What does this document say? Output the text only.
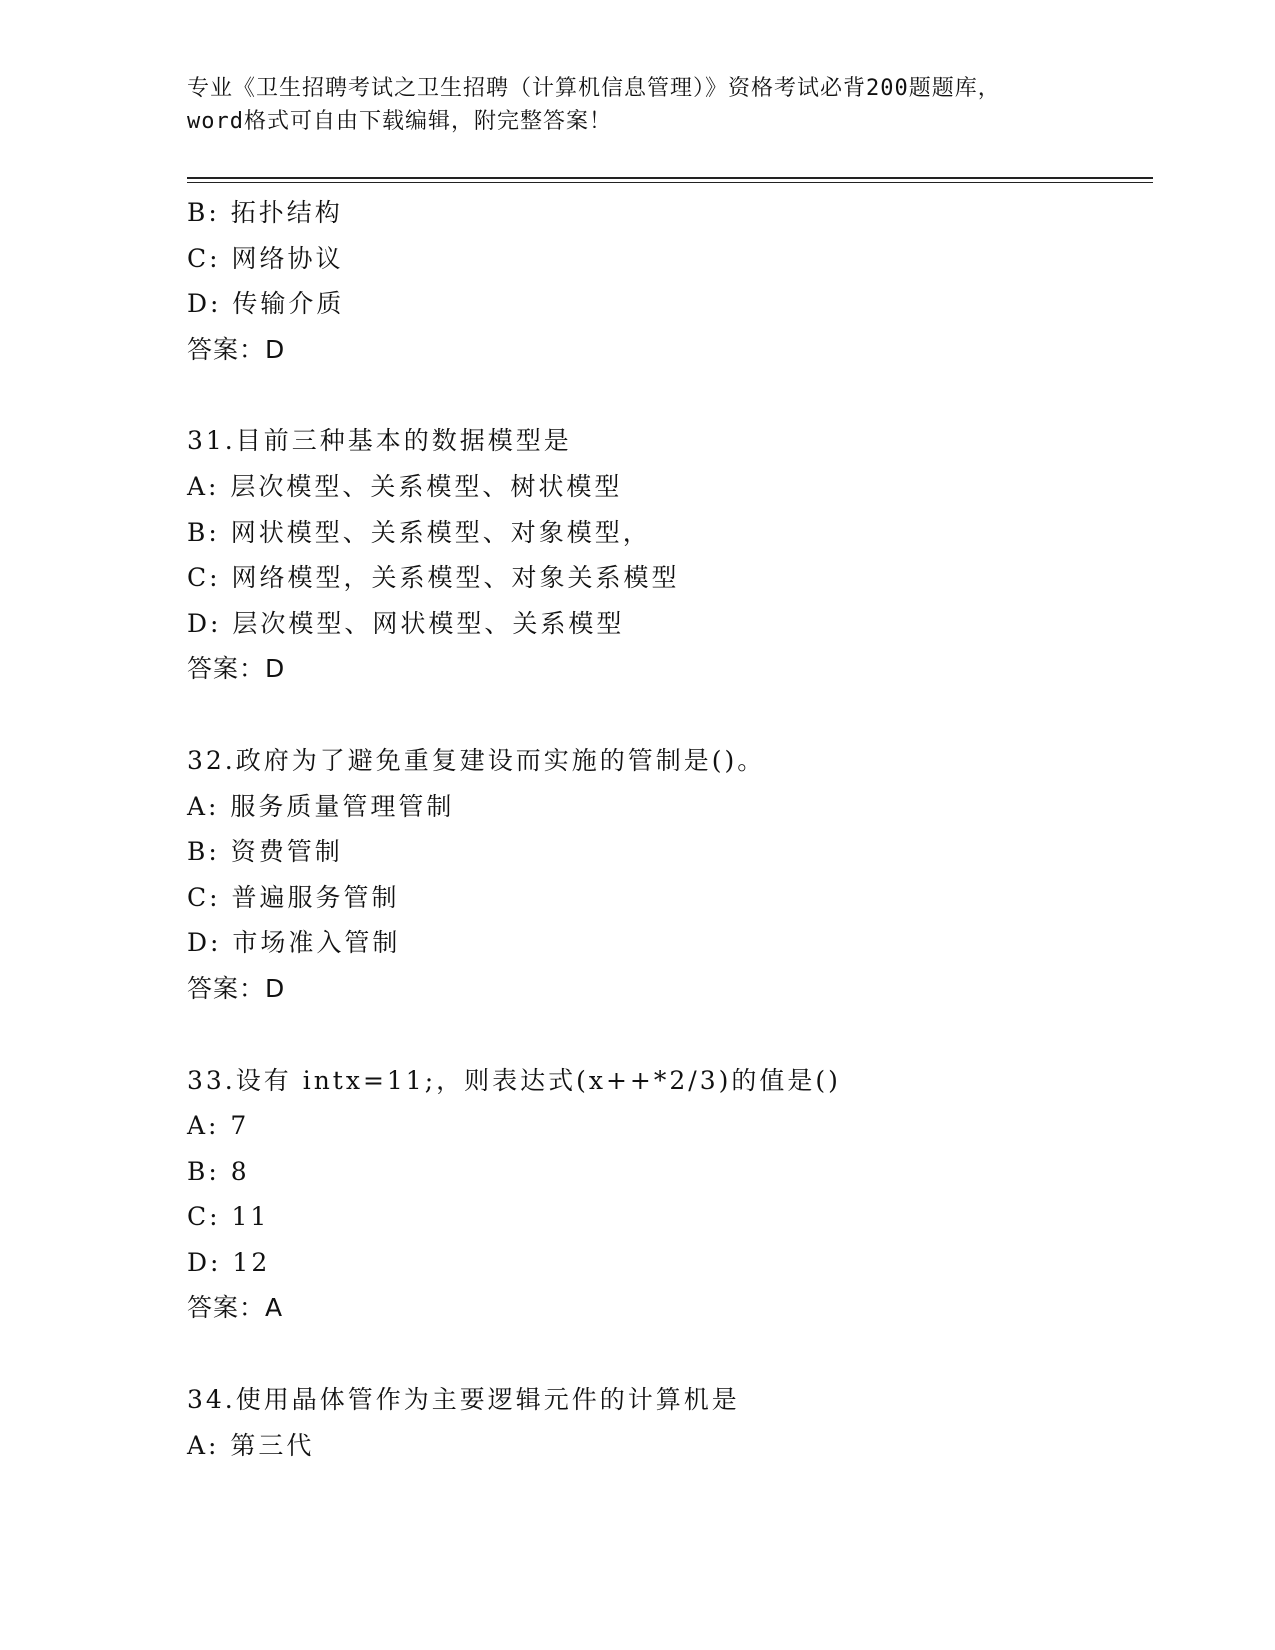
专业《卫生招聘考试之卫生招聘（计算机信息管理）》资格考试必背200题题库，
word格式可自由下载编辑，附完整答案！
B: 拓扑结构
C: 网络协议
D: 传输介质
答案：D
31.目前三种基本的数据模型是
A: 层次模型、关系模型、树状模型
B: 网状模型、关系模型、对象模型，
C: 网络模型，关系模型、对象关系模型
D: 层次模型、网状模型、关系模型
答案：D
32.政府为了避免重复建设而实施的管制是()。
A: 服务质量管理管制
B: 资费管制
C: 普遍服务管制
D: 市场准入管制
答案：D
33.设有 intx=11;，则表达式(x++*2/3)的值是()
A: 7
B: 8
C: 11
D: 12
答案：A
34.使用晶体管作为主要逻辑元件的计算机是
A: 第三代
